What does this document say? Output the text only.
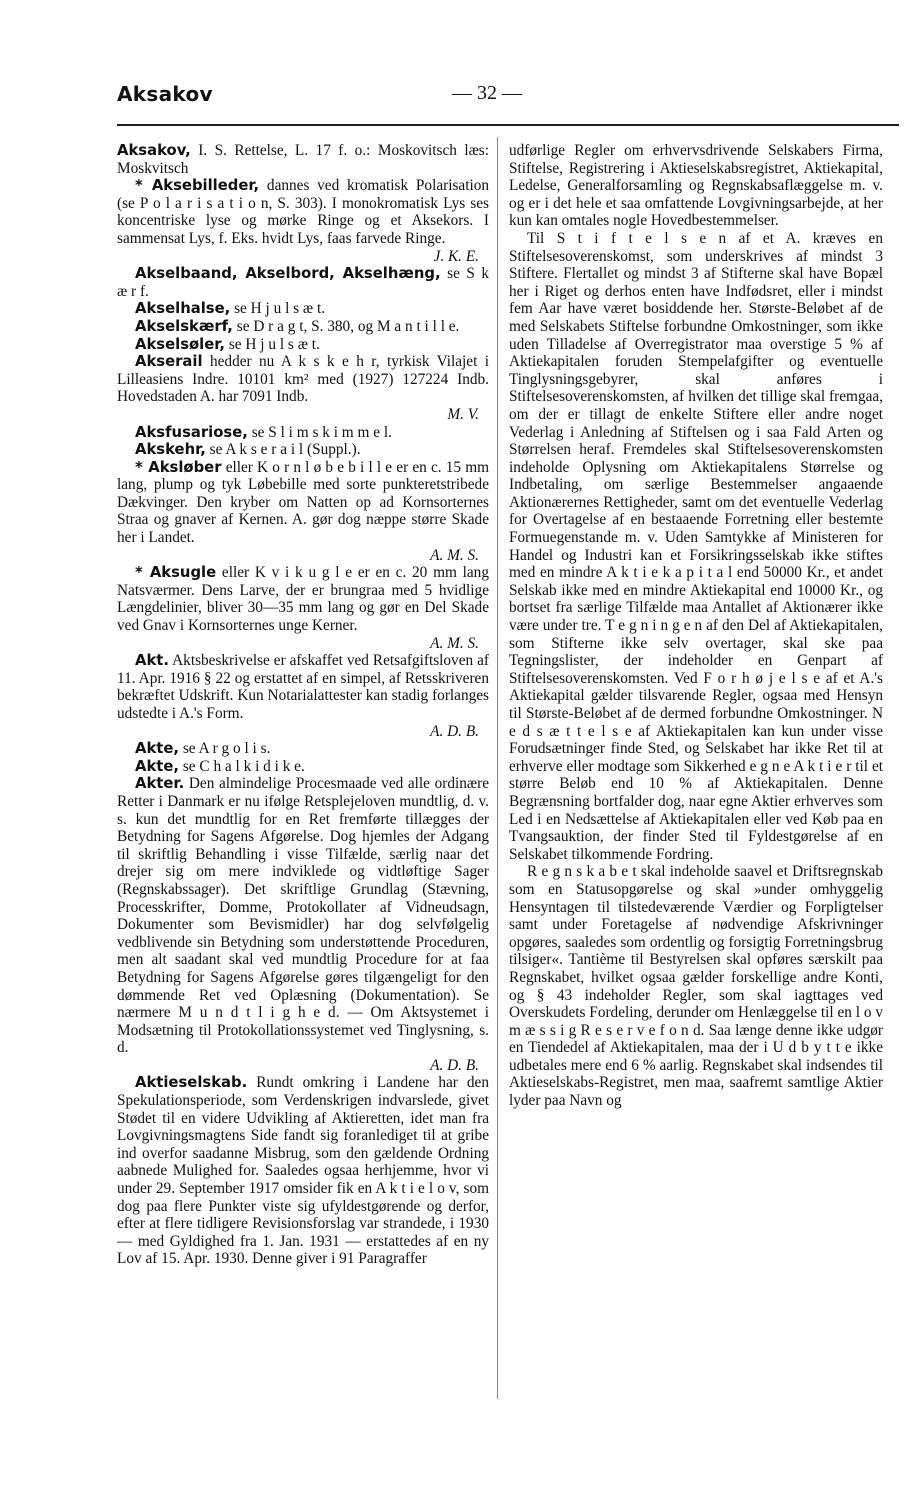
Aksakov	— 32 —

Aksakov, I. S. Rettelse, L. 17 f. o.: Moskovitsch læs: Moskvitsch

* Aksebilleder, dannes ved kromatisk Polarisation (se P o l a r i s a t i o n, S. 303). I monokromatisk Lys ses koncentriske lyse og mørke Ringe og et Aksekors. I sammensat Lys, f. Eks. hvidt Lys, faas farvede Ringe.
J. K. E.

Akselbaand, Akselbord, Akselhæng, se S k æ r f.

Akselhalse, se H j u l s æ t.

Akselskærf, se D r a g t, S. 380, og M a n t i l l e.

Akselsøler, se H j u l s æ t.

Akserail hedder nu A k s k e h r, tyrkisk Vilajet i Lilleasiens Indre. 10101 km² med (1927) 127224 Indb. Hovedstaden A. har 7091 Indb.
M. V.

Aksfusariose, se S l i m s k i m m e l.

Akskehr, se A k s e r a i l (Suppl.).

* Aksløber eller K o r n l ø b e b i l l e er en c. 15 mm lang, plump og tyk Løbebille med sorte punkteretstribede Dækvinger. Den kryber om Natten op ad Kornsorternes Straa og gnaver af Kernen. A. gør dog næppe større Skade her i Landet.
A. M. S.

* Aksugle eller K v i k u g l e er en c. 20 mm lang Natsværmer. Dens Larve, der er brungraa med 5 hvidlige Længdelinier, bliver 30—35 mm lang og gør en Del Skade ved Gnav i Kornsorternes unge Kerner.
A. M. S.

Akt. Aktsbeskrivelse er afskaffet ved Retsafgiftsloven af 11. Apr. 1916 § 22 og erstattet af en simpel, af Retsskriveren bekræftet Udskrift. Kun Notarialattester kan stadig forlanges udstedte i A.'s Form.
A. D. B.

Akte, se A r g o l i s.

Akte, se C h a l k i d i k e.

Akter. Den almindelige Procesmaade ved alle ordinære Retter i Danmark er nu ifølge Retsplejeloven mundtlig, d. v. s. kun det mundtlig for en Ret fremførte tillægges der Betydning for Sagens Afgørelse. Dog hjemles der Adgang til skriftlig Behandling i visse Tilfælde, særlig naar det drejer sig om mere indviklede og vidtløftige Sager (Regnskabssager). Det skriftlige Grundlag (Stævning, Processkrifter, Domme, Protokollater af Vidneudsagn, Dokumenter som Bevismidler) har dog selvfølgelig vedblivende sin Betydning som understøttende Proceduren, men alt saadant skal ved mundtlig Procedure for at faa Betydning for Sagens Afgørelse gøres tilgængeligt for den dømmende Ret ved Oplæsning (Dokumentation). Se nærmere M u n d t l i g h e d. — Om Aktsystemet i Modsætning til Protokollationssystemet ved Tinglysning, s. d.
A. D. B.

Aktieselskab. Rundt omkring i Landene har den Spekulationsperiode, som Verdenskrigen indvarslede, givet Stødet til en videre Udvikling af Aktieretten, idet man fra Lovgivningsmagtens Side fandt sig foranlediget til at gribe ind overfor saadanne Misbrug, som den gældende Ordning aabnede Mulighed for. Saaledes ogsaa herhjemme, hvor vi under 29. September 1917 omsider fik en A k t i e l o v, som dog paa flere Punkter viste sig ufyldestgørende og derfor, efter at flere tidligere Revisionsforslag var strandede, i 1930 — med Gyldighed fra 1. Jan. 1931 — erstattedes af en ny Lov af 15. Apr. 1930. Denne giver i 91 Paragraffer

udførlige Regler om erhvervsdrivende Selskabers Firma, Stiftelse, Registrering i Aktieselskabsregistret, Aktiekapital, Ledelse, Generalforsamling og Regnskabsaflæggelse m. v. og er i det hele et saa omfattende Lovgivningsarbejde, at her kun kan omtales nogle Hovedbestemmelser.

Til S t i f t e l s e n af et A. kræves en Stiftelsesoverenskomst, som underskrives af mindst 3 Stiftere. Flertallet og mindst 3 af Stifterne skal have Bopæl her i Riget og derhos enten have Indfødsret, eller i mindst fem Aar have været bosiddende her. Største-Beløbet af de med Selskabets Stiftelse forbundne Omkostninger, som ikke uden Tilladelse af Overregistrator maa overstige 5 % af Aktiekapitalen foruden Stempelafgifter og eventuelle Tinglysningsgebyrer, skal anføres i Stiftelsesoverenskomsten, af hvilken det tillige skal fremgaa, om der er tillagt de enkelte Stiftere eller andre noget Vederlag i Anledning af Stiftelsen og i saa Fald Arten og Størrelsen heraf. Fremdeles skal Stiftelsesoverenskomsten indeholde Oplysning om Aktiekapitalens Størrelse og Indbetaling, om særlige Bestemmelser angaaende Aktionærernes Rettigheder, samt om det eventuelle Vederlag for Overtagelse af en bestaaende Forretning eller bestemte Formuegenstande m. v. Uden Samtykke af Ministeren for Handel og Industri kan et Forsikringsselskab ikke stiftes med en mindre A k t i e k a p i t a l end 50000 Kr., et andet Selskab ikke med en mindre Aktiekapital end 10000 Kr., og bortset fra særlige Tilfælde maa Antallet af Aktionærer ikke være under tre. T e g n i n g e n af den Del af Aktiekapitalen, som Stifterne ikke selv overtager, skal ske paa Tegningslister, der indeholder en Genpart af Stiftelsesoverenskomsten. Ved F o r h ø j e l s e af et A.'s Aktiekapital gælder tilsvarende Regler, ogsaa med Hensyn til Største-Beløbet af de dermed forbundne Omkostninger. N e d s æ t t e l s e af Aktiekapitalen kan kun under visse Forudsætninger finde Sted, og Selskabet har ikke Ret til at erhverve eller modtage som Sikkerhed e g n e A k t i e r til et større Beløb end 10 % af Aktiekapitalen. Denne Begrænsning bortfalder dog, naar egne Aktier erhverves som Led i en Nedsættelse af Aktiekapitalen eller ved Køb paa en Tvangsauktion, der finder Sted til Fyldestgørelse af en Selskabet tilkommende Fordring.

R e g n s k a b e t skal indeholde saavel et Driftsregnskab som en Statusopgørelse og skal »under omhyggelig Hensyntagen til tilstedeværende Værdier og Forpligtelser samt under Foretagelse af nødvendige Afskrivninger opgøres, saaledes som ordentlig og forsigtig Forretningsbrug tilsiger«. Tantième til Bestyrelsen skal opføres særskilt paa Regnskabet, hvilket ogsaa gælder forskellige andre Konti, og § 43 indeholder Regler, som skal iagttages ved Overskudets Fordeling, derunder om Henlæggelse til en l o v m æ s s i g R e s e r v e f o n d. Saa længe denne ikke udgør en Tiendedel af Aktiekapitalen, maa der i U d b y t t e ikke udbetales mere end 6 % aarlig. Regnskabet skal indsendes til Aktieselskabs-Registret, men maa, saafremt samtlige Aktier lyder paa Navn og
